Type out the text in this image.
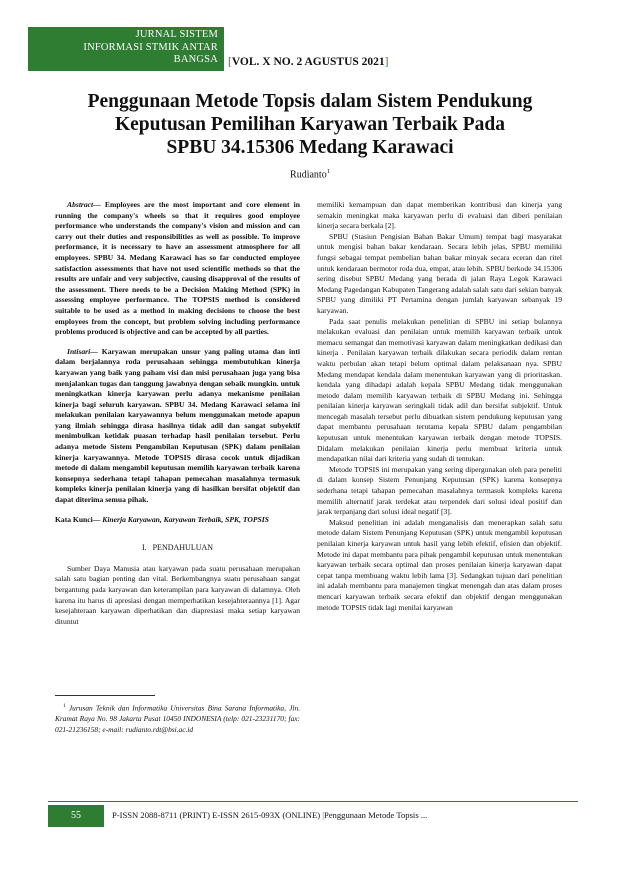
JURNAL SISTEM
INFORMASI STMIK ANTAR
BANGSA [VOL. X NO. 2 AGUSTUS 2021]
Penggunaan Metode Topsis dalam Sistem Pendukung
Keputusan Pemilihan Karyawan Terbaik Pada
SPBU 34.15306 Medang Karawaci
Rudianto$^1$

Abstract— Employees are the most important and core element in running the company's wheels so that it requires good employee performance who understands the company's vision and mission and can carry out their duties and responsibilities as well as possible. To improve performance, it is necessary to have an assessment atmosphere for all employees. SPBU 34. Medang Karawaci has so far conducted employee satisfaction assessments that have not used scientific methods so that the results are unfair and very subjective, causing disapproval of the results of the assessment. There needs to be a Decision Making Method (SPK) in assessing employee performance. The TOPSIS method is considered suitable to be used as a method in making decisions to choose the best employees from the concept, but problem solving including performance problems produced is objective and can be accepted by all parties.

Intisari— Karyawan merupakan unsur yang paling utama dan inti dalam berjalannya roda perusahaan sehingga membutuhkan kinerja karyawan yang baik yang paham visi dan misi perusahaan juga yang bisa menjalankan tugas dan tanggung jawabnya dengan sebaik mungkin. untuk meningkatkan kinerja karyawan perlu adanya mekanisme penilaian kinerja bagi seluruh karyawan. SPBU 34. Medang Karawaci selama ini melakukan penilaian karyawannya belum menggunakan metode apapun yang ilmiah sehingga dirasa hasilnya tidak adil dan sangat subyektif menimbulkan ketidak puasan terhadap hasil penilaian tersebut. Perlu adanya metode Sistem Pengambilan Keputusan (SPK) dalam penilaian kinerja karyawannya. Metode TOPSIS dirasa cocok untuk dijadikan metode di dalam mengambil keputusan memilih karyawan terbaik karena konsepnya sederhana tetapi tahapan pemecahan masalahnya termasuk kompleks kinerja penilaian kinerja yang di hasilkan bersifat objektif dan dapat diterima semua pihak.

Kata Kunci— Kinerja Karyawan, Karyawan Terbaik, SPK, TOPSIS

I. PENDAHULUAN

Sumber Daya Manusia atau karyawan pada suatu perusahaan merupakan salah satu bagian penting dan vital. Berkembangnya suatu perusahaan sangat bergantung pada karyawan dan keterampilan para karyawan di dalamnya. Oleh karena itu harus di apresiasi dengan memperhatikan kesejahteraannya [1]. Agar kesejahteraan karyawan diperhatikan dan diapresiasi maka setiap karyawan dituntut

$^1$ Jurusan Teknik dan Informatika Universitas Bina Sarana Informatika, Jln. Kramat Raya No. 98 Jakarta Pusat 10450 INDONESIA (telp: 021-23231170; fax: 021-21236158; e-mail: rudianto.rdt@bsi.ac.id

memiliki kemampuan dan dapat memberikan kontribusi dan kinerja yang semakin meningkat maka karyawan perlu di evaluasi dan diberi penilaian kinerja secara berkala [2].

SPBU (Stasiun Pengisian Bahan Bakar Umum) tempat bagi masyarakat untuk mengisi bahan bakar kendaraan. Secara lebih jelas, SPBU memiliki fungsi sebagai tempat pembelian bahan bakar minyak secara eceran dan ritel untuk kendaraan bermotor roda dua, empat, atau lebih. SPBU berkode 34.15306 sering disebut SPBU Medang yang berada di jalan Raya Legok Karawaci Medang Pagedangan Kabupaten Tangerang adalah salah satu dari sekian banyak SPBU yang dimiliki PT Pertamina dengan jumlah karyawan sebanyak 19 karyawan.

Pada saat penulis melakukan penelitian di SPBU ini setiap bulannya melakukan evaluasi dan penilaian untuk memilih karyawan terbaik untuk memacu semangat dan memotivasi karyawan dalam meningkatkan dedikasi dan kinerja . Penilaian karyawan terbaik dilakukan secara periodik dalam rentan waktu perbulan akan tetapi belum optimal dalam pelaksanaan nya. SPBU Medang mendapat kendala dalam menentukan karyawan yang di prioritaskan. kendala yang dihadapi adalah kepala SPBU Medang tidak menggunakan metode dalam memilih karyawan terbaik di SPBU Medang ini. Sehingga penilaian kinerja karyawan seringkali tidak adil dan bersifat subjektif. Untuk mencegah masalah tersebut perlu dibuatkan sistem pendukung keputusan yang dapat membantu perusahaan terutama kepala SPBU dalam pengambilan keputusan untuk menentukan karyawan terbaik dengan metode TOPSIS. Didalam melakukan penilaian kinerja perlu membuat kriteria untuk mendapatkan nilai dari kriteria yang sudah di tentukan.

Metode TOPSIS ini merupakan yang sering dipergunakan oleh para peneliti di dalam konsep Sistem Penunjang Keputusan (SPK) karena konsepnya sederhana tetapi tahapan pemecahan masalahnya termasuk kompleks karena memilih alternatif jarak terdekat atau terpendek dari solusi ideal positif dan jarak terpanjang dari solusi ideal negatif [3].

Maksud penelitian ini adalah menganalisis dan menerapkan salah satu metode dalam Sistem Penunjang Keputusan (SPK) untuk mengambil keputusan penilaian kinerja karyawan untuk hasil yang lebih efektif, efisien dan objektif. Metode ini dapat membantu para pihak pengambil keputusan untuk menentukan karyawan terbaik secara optimal dan proses penilaian kinerja karyawan dapat cepat tanpa membuang waktu lebih lama [3]. Sedangkan tujuan dari penelitian ini adalah membantu para manajemen tingkat menengah dan atas dalam proses mencari karyawan terbaik secara efektif dan objektif dengan menggunakan metode TOPSIS tidak lagi menilai karyawan

55	P-ISSN 2088-8711 (PRINT) E-ISSN 2615-093X (ONLINE) |Penggunaan Metode Topsis ...
